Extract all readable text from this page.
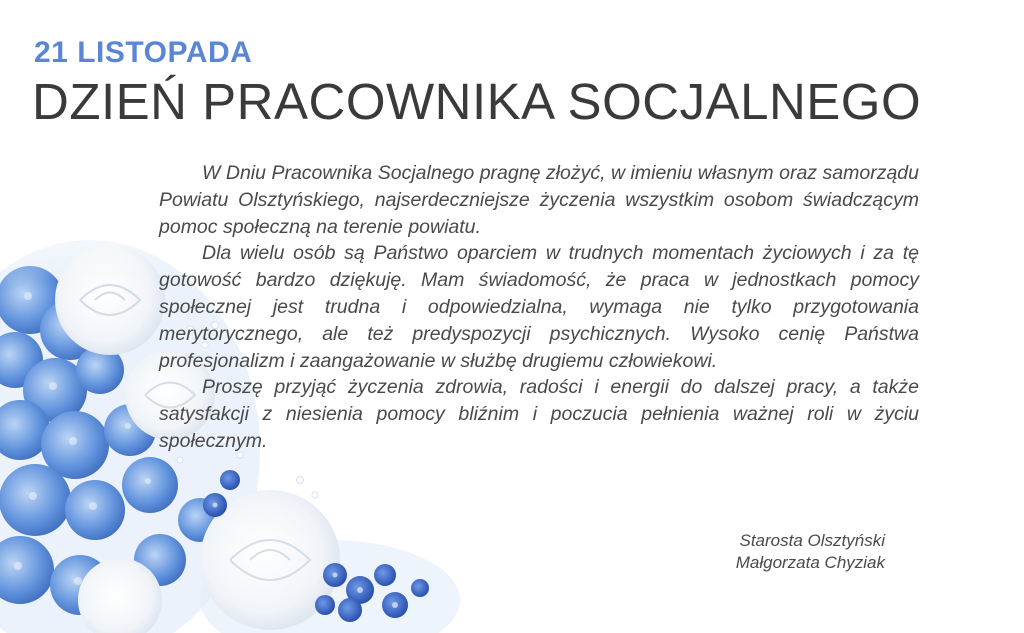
21 LISTOPADA
DZIEŃ PRACOWNIKA SOCJALNEGO

W Dniu Pracownika Socjalnego pragnę złożyć, w imieniu własnym oraz samorządu Powiatu Olsztyńskiego, najserdeczniejsze życzenia wszystkim osobom świadczącym pomoc społeczną na terenie powiatu.

Dla wielu osób są Państwo oparciem w trudnych momentach życiowych i za tę gotowość bardzo dziękuję. Mam świadomość, że praca w jednostkach pomocy społecznej jest trudna i odpowiedzialna, wymaga nie tylko przygotowania merytorycznego, ale też predyspozycji psychicznych. Wysoko cenię Państwa profesjonalizm i zaangażowanie w służbę drugiemu człowiekowi.

Proszę przyjąć życzenia zdrowia, radości i energii do dalszej pracy, a także satysfakcji z niesienia pomocy bliźnim i poczucia pełnienia ważnej roli w życiu społecznym.

Starosta Olsztyński
Małgorzata Chyziak
